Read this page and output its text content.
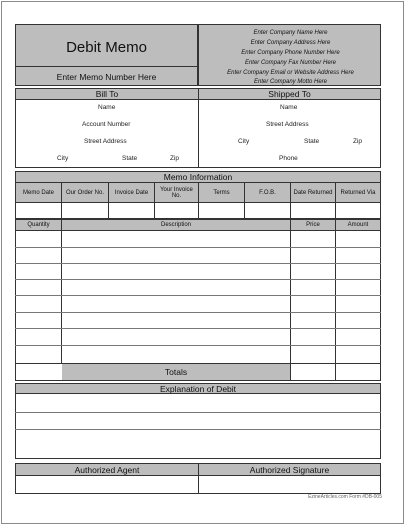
Debit Memo
Enter Memo Number Here
Enter Company Name Here
Enter Company Address Here
Enter Company Phone Number Here
Enter Company Fax Number Here
Enter Company Email or Website Address Here
Enter Company Motto Here
Bill To	Shipped To
Name
Account Number
Street Address
City	State	Zip
Name
Street Address
City	State	Zip
Phone
Memo Information
Memo Date	Our Order No.	Invoice Date	Your Invoice No.	Terms	F.O.B.	Date Returned	Returned Via
Quantity	Description	Price	Amount
Totals
Explanation of Debit
Authorized Agent	Authorized Signature
EzineArticles.com Form #DB-005
